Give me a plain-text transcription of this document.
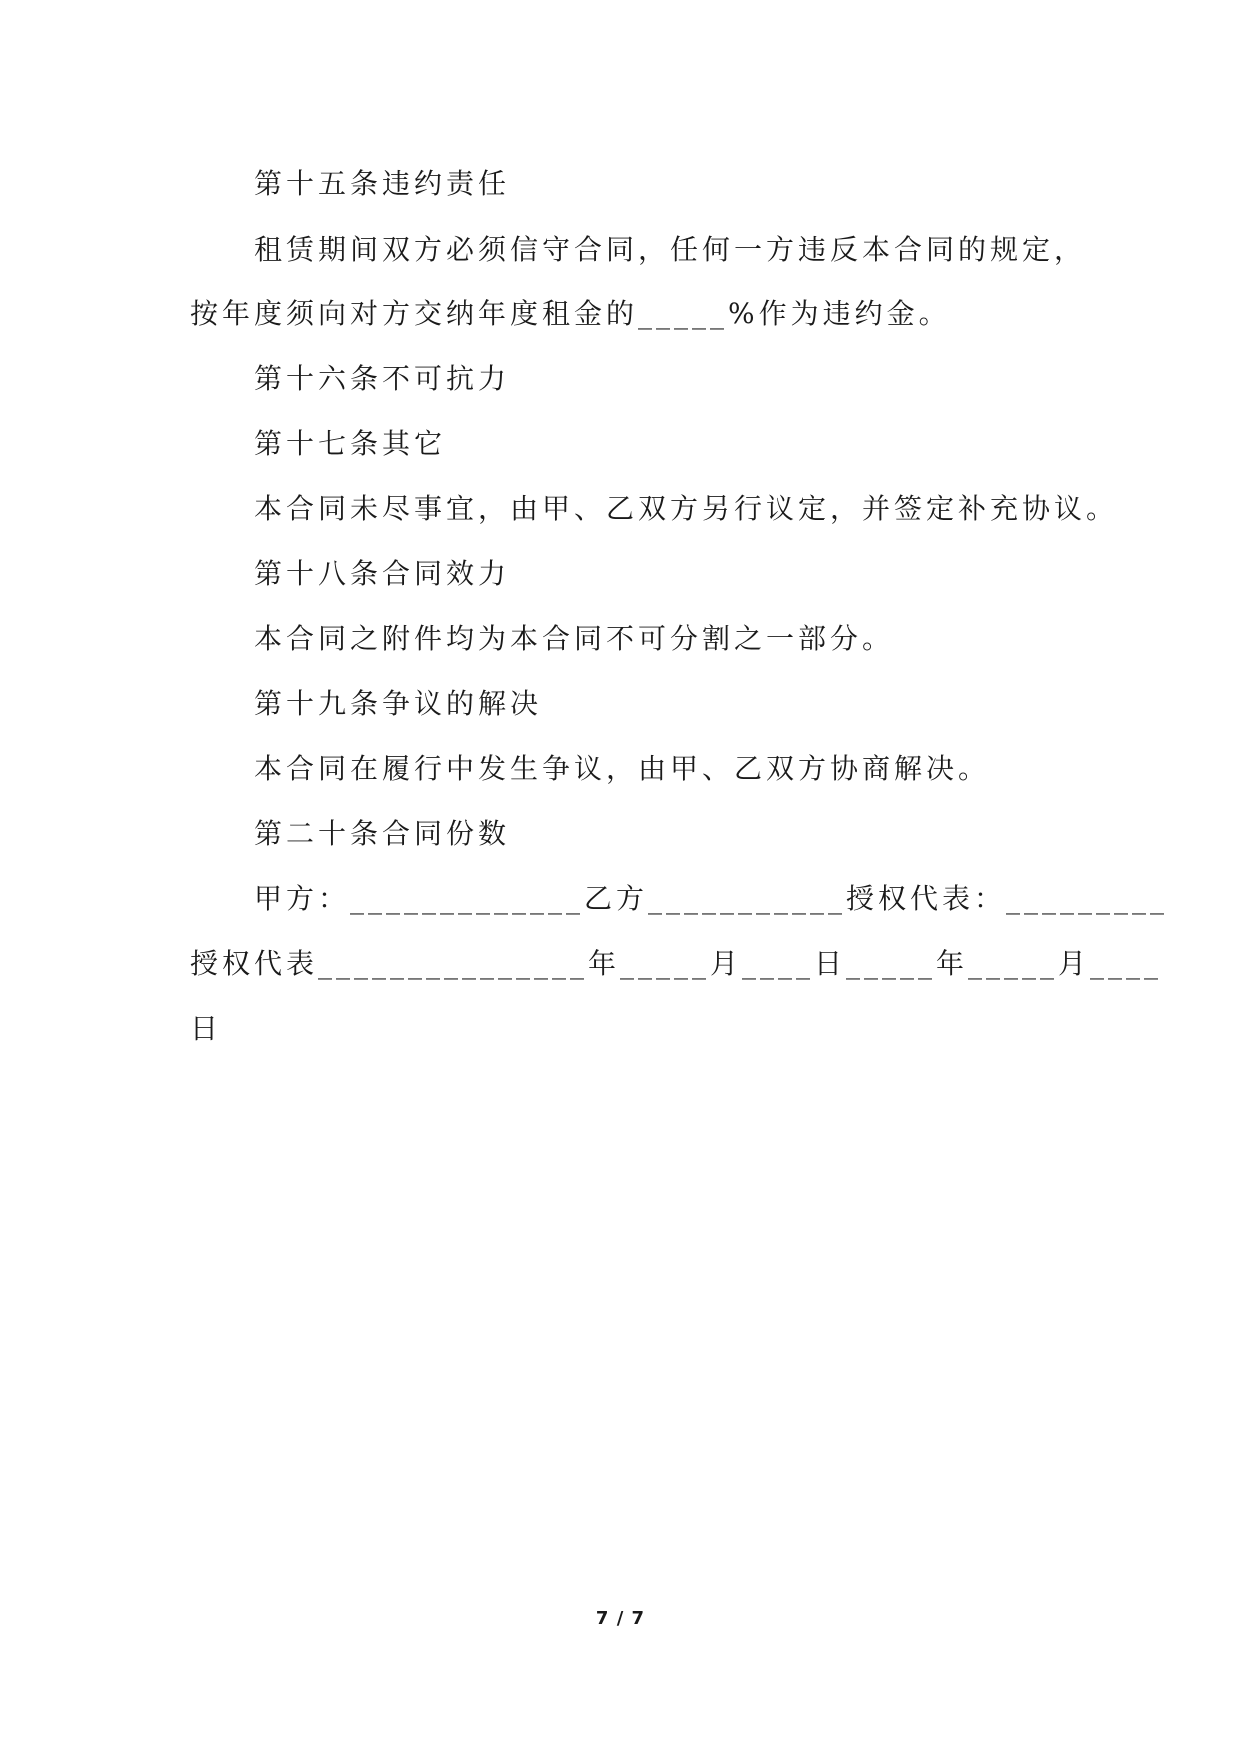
第十五条违约责任
租赁期间双方必须信守合同，任何一方违反本合同的规定，
按年度须向对方交纳年度租金的_____%作为违约金。
第十六条不可抗力
第十七条其它
本合同未尽事宜，由甲、乙双方另行议定，并签定补充协议。
第十八条合同效力
本合同之附件均为本合同不可分割之一部分。
第十九条争议的解决
本合同在履行中发生争议，由甲、乙双方协商解决。
第二十条合同份数
甲方：_____________乙方___________授权代表：_________
授权代表_______________年_____月____日_____年_____月____
日
7 / 7
